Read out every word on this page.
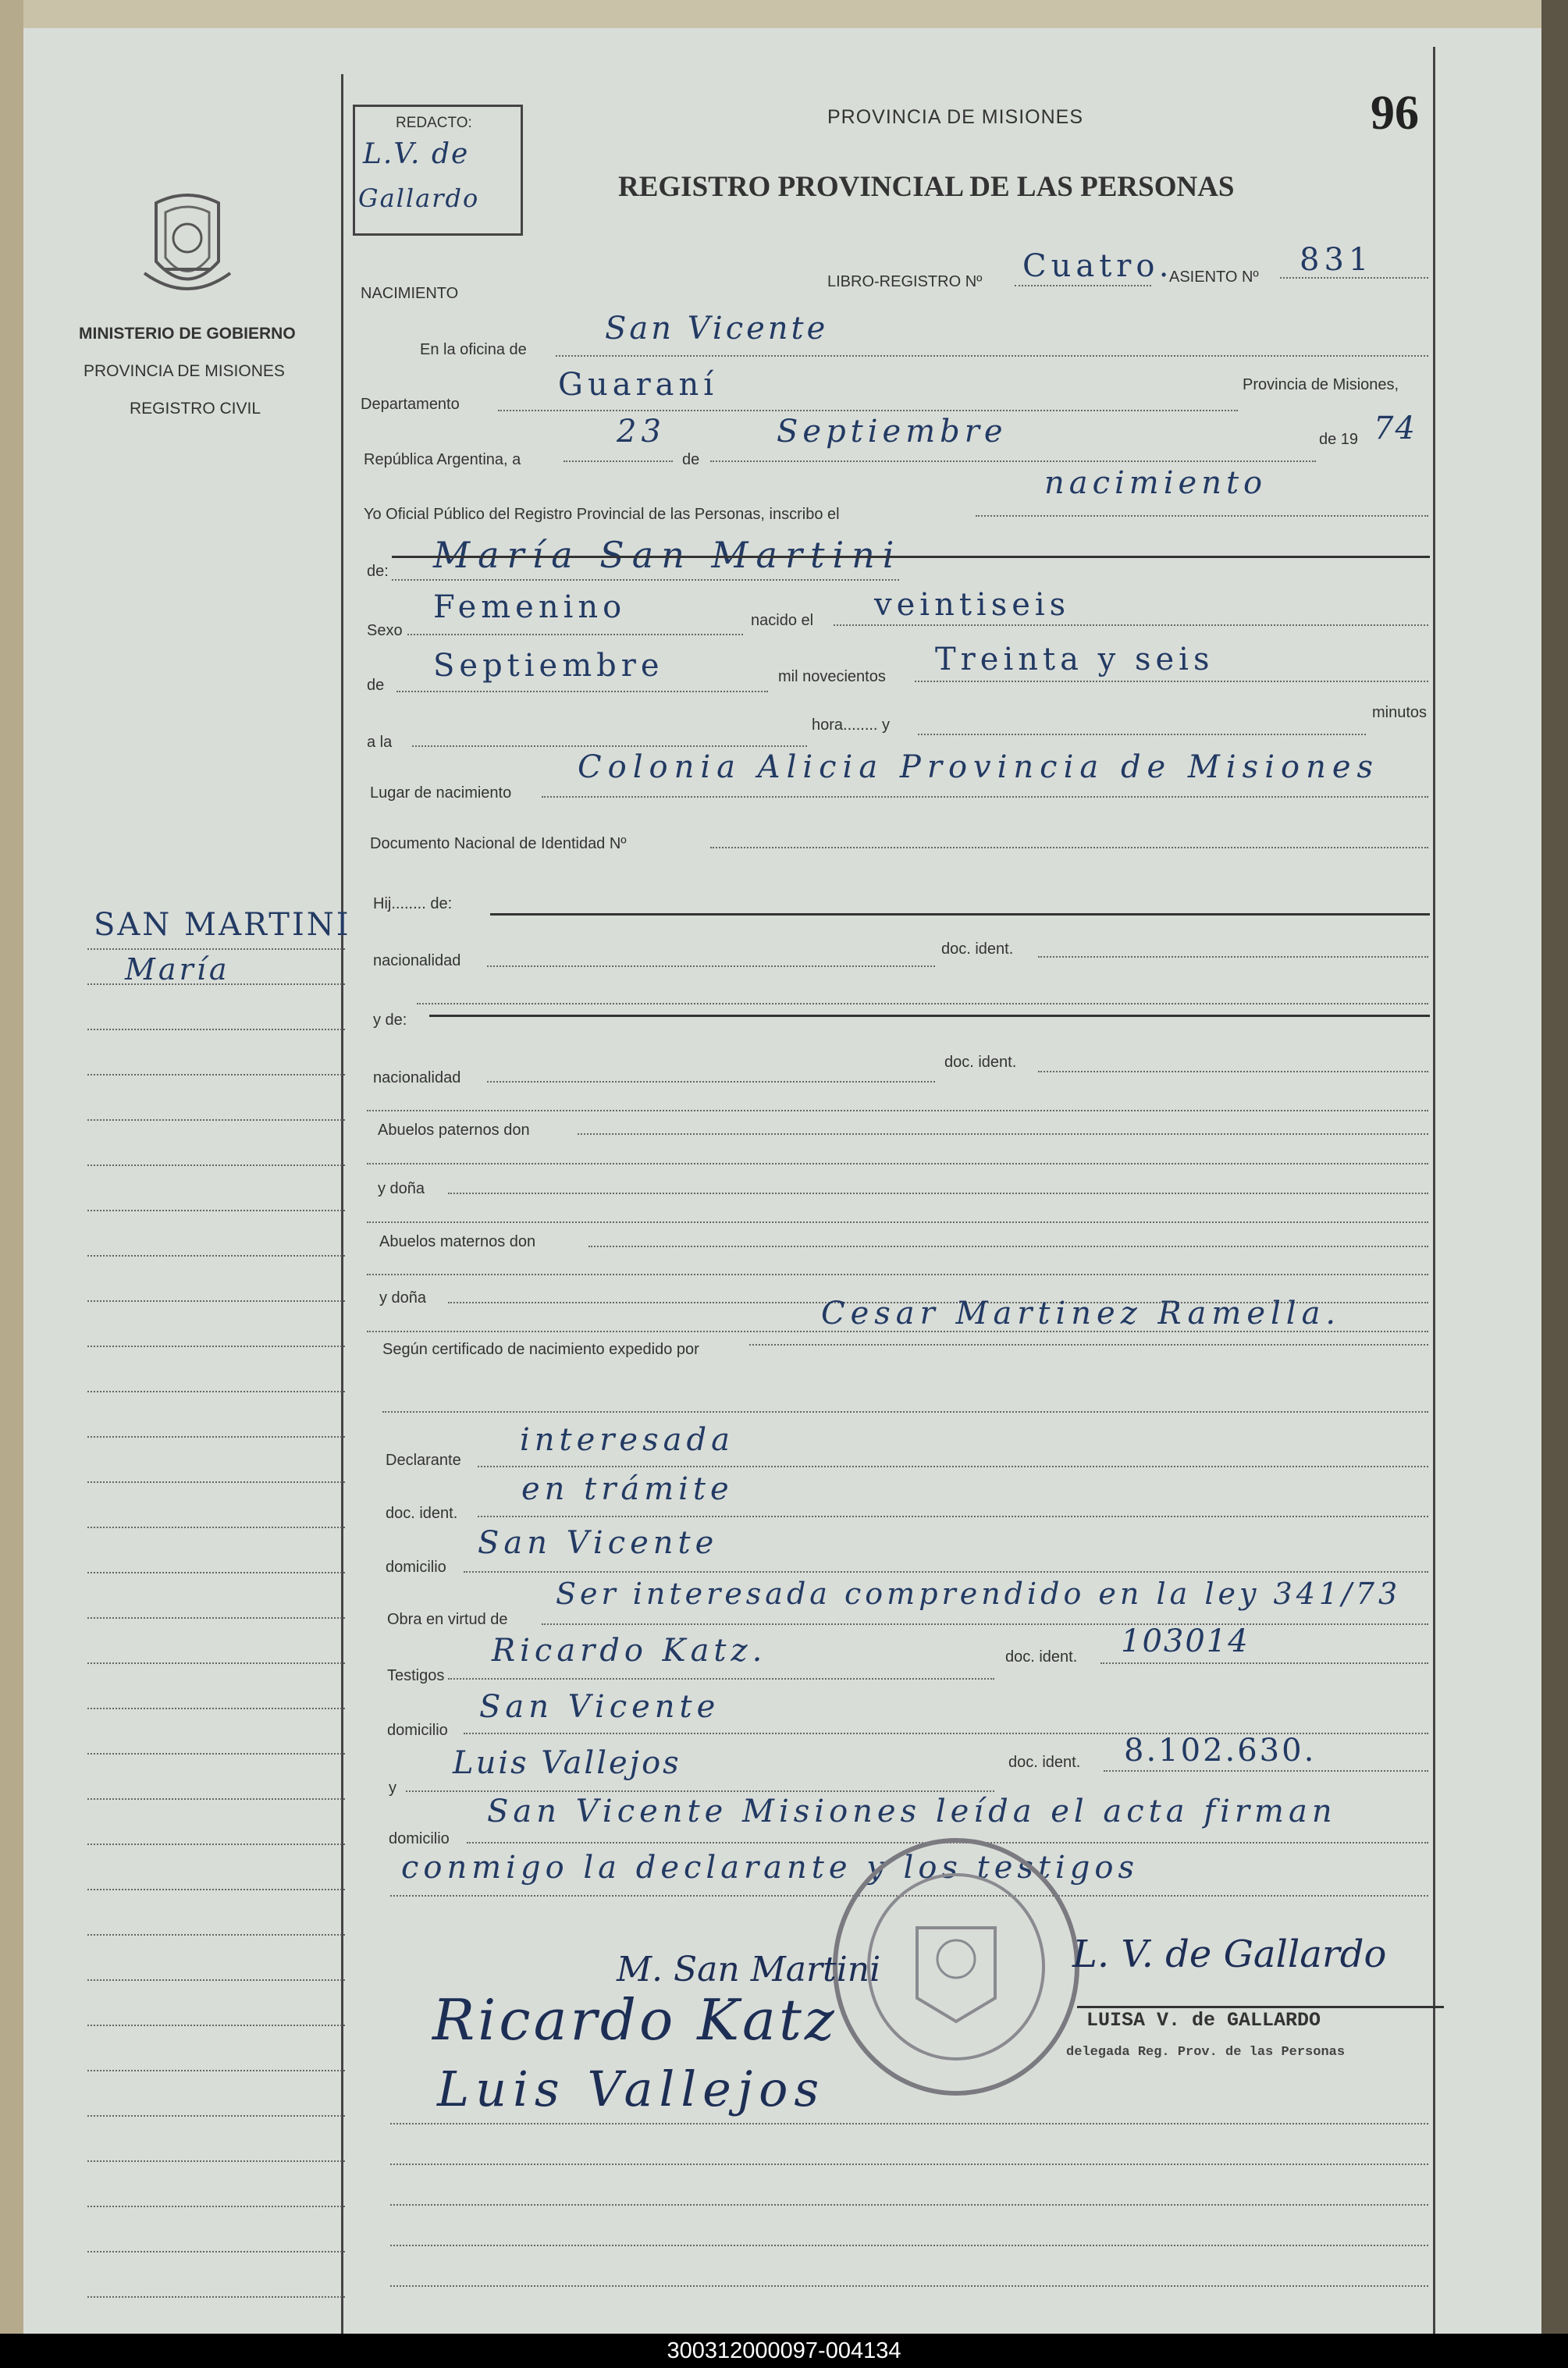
REDACTO:
L.V. de
Gallardo
PROVINCIA DE MISIONES	96
REGISTRO PROVINCIAL DE LAS PERSONAS
MINISTERIO DE GOBIERNO
PROVINCIA DE MISIONES
REGISTRO CIVIL
SAN MARTINI
María
NACIMIENTO
LIBRO-REGISTRO Nº Cuatro.
ASIENTO Nº 831
En la oficina de
San Vicente
Departamento
Guaraní	Provincia de Misiones,
República Argentina, a
23
de
Septiembre	de 19 74
Yo Oficial Público del Registro Provincial de las Personas, inscribo el
nacimiento
de: María San Martini
Sexo
Femenino	nacido el veintiseis
de
Septiembre	mil novecientos Treinta y seis
a la
hora........ y
minutos
Lugar de nacimiento
Colonia Alicia Provincia de Misiones
Documento Nacional de Identidad Nº
Hij........ de:
nacionalidad
doc. ident.
y de:
nacionalidad
doc. ident.
Abuelos paternos don
y doña
Abuelos maternos don
y doña
Según certificado de nacimiento expedido por
Cesar Martinez Ramella.
Declarante
interesada
doc. ident.
en trámite
domicilio
San Vicente
Obra en virtud de
Ser interesada comprendido en la ley 341/73
Testigos
Ricardo Katz.	doc. ident. 103014
domicilio
San Vicente
y
Luis Vallejos	doc. ident. 8.102.630.
domicilio
San Vicente Misiones leída el acta firman
conmigo la declarante y los testigos
M. San Martini
Ricardo Katz
Luis Vallejos
L. V. de Gallardo
LUISA V. de GALLARDO
delegada Reg. Prov. de las Personas
300312000097-004134
